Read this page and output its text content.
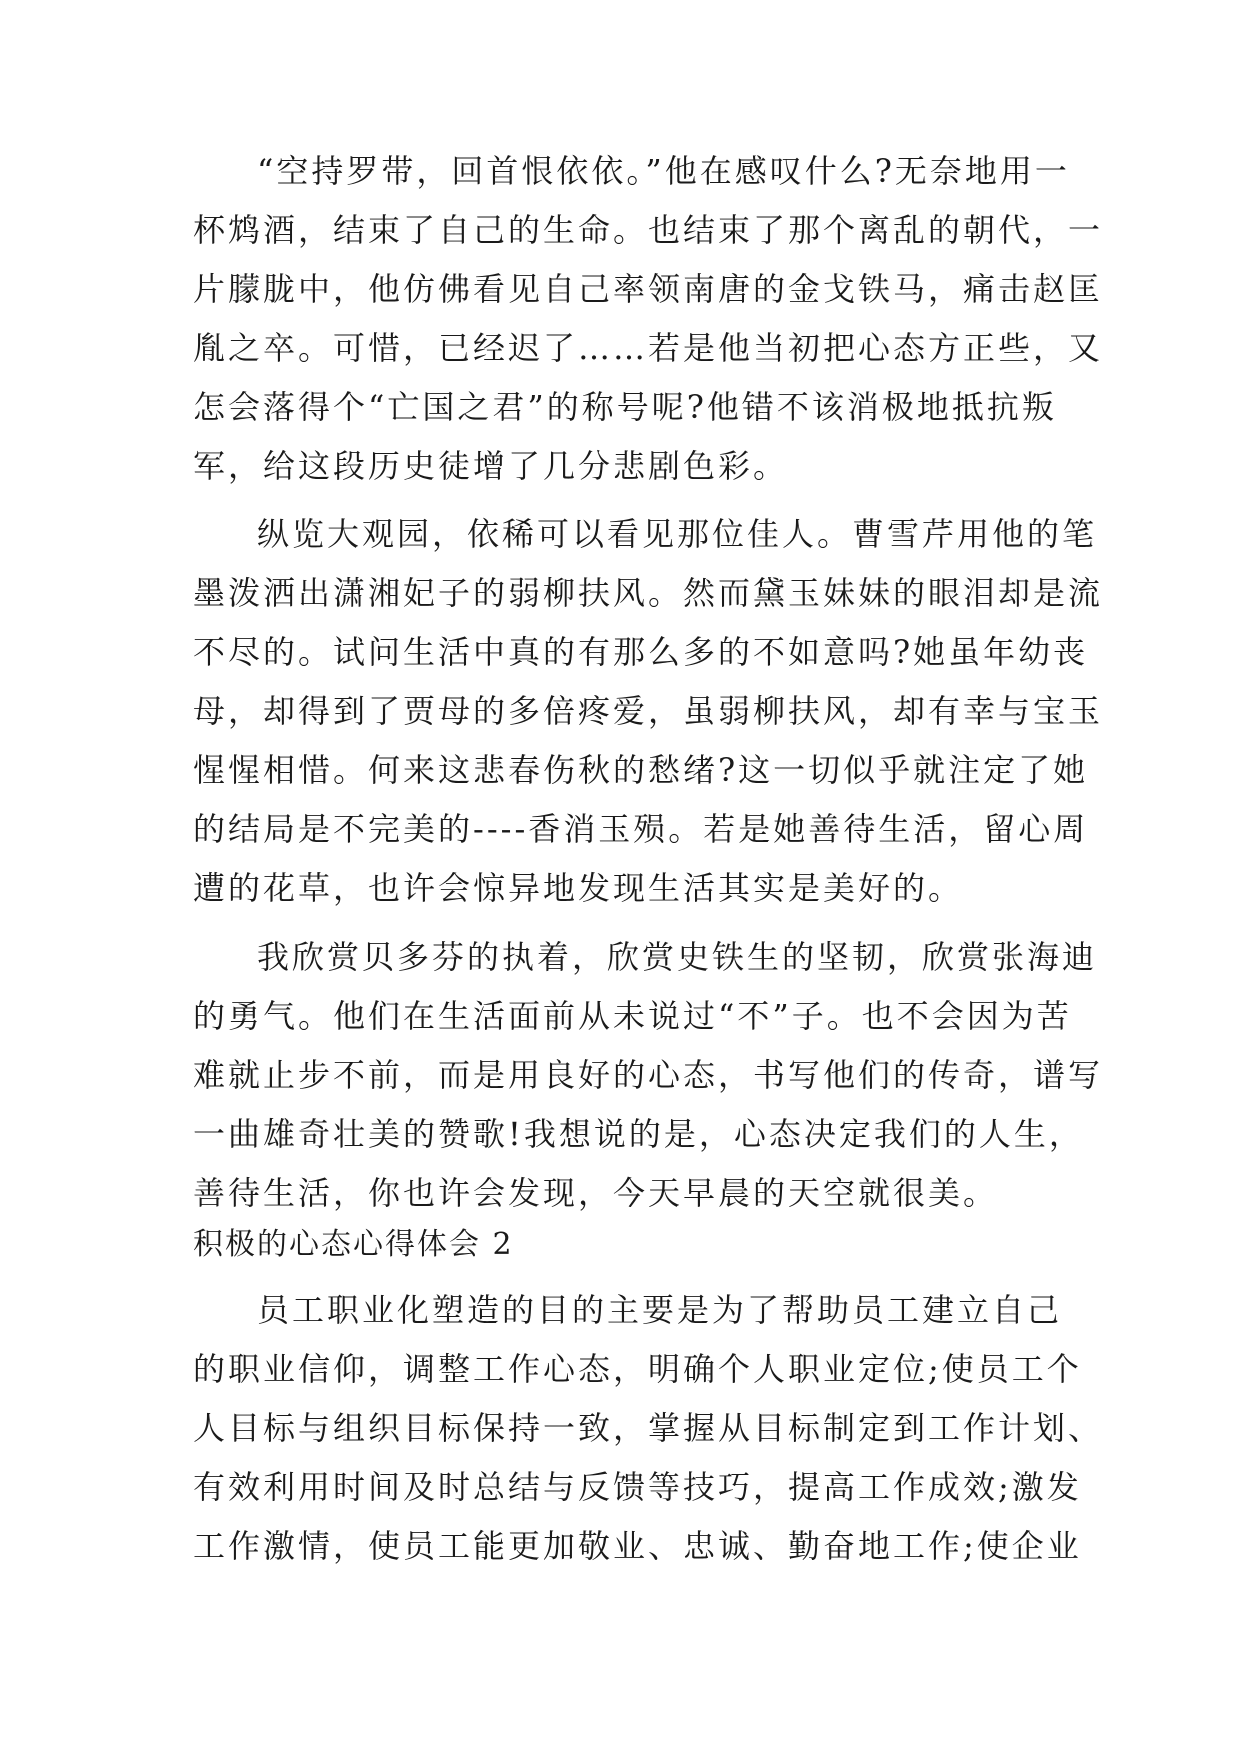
“空持罗带，回首恨依依。”他在感叹什么?无奈地用一
杯鸩酒，结束了自己的生命。也结束了那个离乱的朝代，一
片朦胧中，他仿佛看见自己率领南唐的金戈铁马，痛击赵匡
胤之卒。可惜，已经迟了……若是他当初把心态方正些，又
怎会落得个“亡国之君”的称号呢?他错不该消极地抵抗叛
军，给这段历史徒增了几分悲剧色彩。
纵览大观园，依稀可以看见那位佳人。曹雪芹用他的笔
墨泼洒出潇湘妃子的弱柳扶风。然而黛玉妹妹的眼泪却是流
不尽的。试问生活中真的有那么多的不如意吗?她虽年幼丧
母，却得到了贾母的多倍疼爱，虽弱柳扶风，却有幸与宝玉
惺惺相惜。何来这悲春伤秋的愁绪?这一切似乎就注定了她
的结局是不完美的----香消玉殒。若是她善待生活，留心周
遭的花草，也许会惊异地发现生活其实是美好的。
我欣赏贝多芬的执着，欣赏史铁生的坚韧，欣赏张海迪
的勇气。他们在生活面前从未说过“不”子。也不会因为苦
难就止步不前，而是用良好的心态，书写他们的传奇，谱写
一曲雄奇壮美的赞歌!我想说的是，心态决定我们的人生，
善待生活，你也许会发现，今天早晨的天空就很美。
积极的心态心得体会 2
员工职业化塑造的目的主要是为了帮助员工建立自己
的职业信仰，调整工作心态，明确个人职业定位;使员工个
人目标与组织目标保持一致，掌握从目标制定到工作计划、
有效利用时间及时总结与反馈等技巧，提高工作成效;激发
工作激情，使员工能更加敬业、忠诚、勤奋地工作;使企业
